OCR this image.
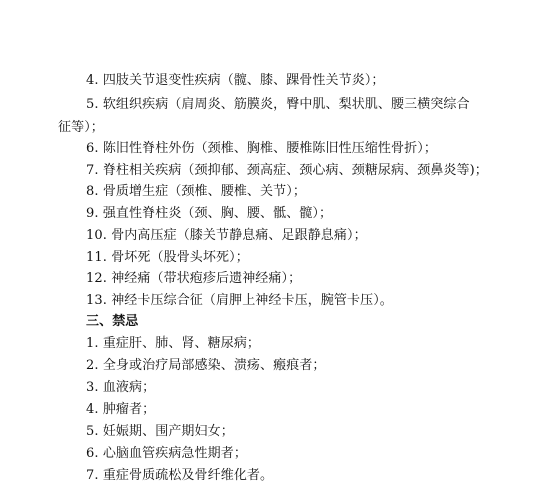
4. 四肢关节退变性疾病（髋、膝、踝骨性关节炎）；
5. 软组织疾病（肩周炎、筋膜炎，臀中肌、梨状肌、腰三横突综合
征等）；
6. 陈旧性脊柱外伤（颈椎、胸椎、腰椎陈旧性压缩性骨折）；
7. 脊柱相关疾病（颈抑郁、颈高症、颈心病、颈糖尿病、颈鼻炎等)；
8. 骨质增生症（颈椎、腰椎、关节）；
9. 强直性脊柱炎（颈、胸、腰、骶、髋）；
10. 骨内高压症（膝关节静息痛、足跟静息痛）；
11. 骨坏死（股骨头坏死）；
12. 神经痛（带状疱疹后遗神经痛）；
13. 神经卡压综合征（肩胛上神经卡压，腕管卡压）。
三、禁忌
1. 重症肝、肺、肾、糖尿病；
2. 全身或治疗局部感染、溃疡、瘢痕者；
3. 血液病；
4. 肿瘤者；
5. 妊娠期、围产期妇女；
6. 心脑血管疾病急性期者；
7. 重症骨质疏松及骨纤维化者。
